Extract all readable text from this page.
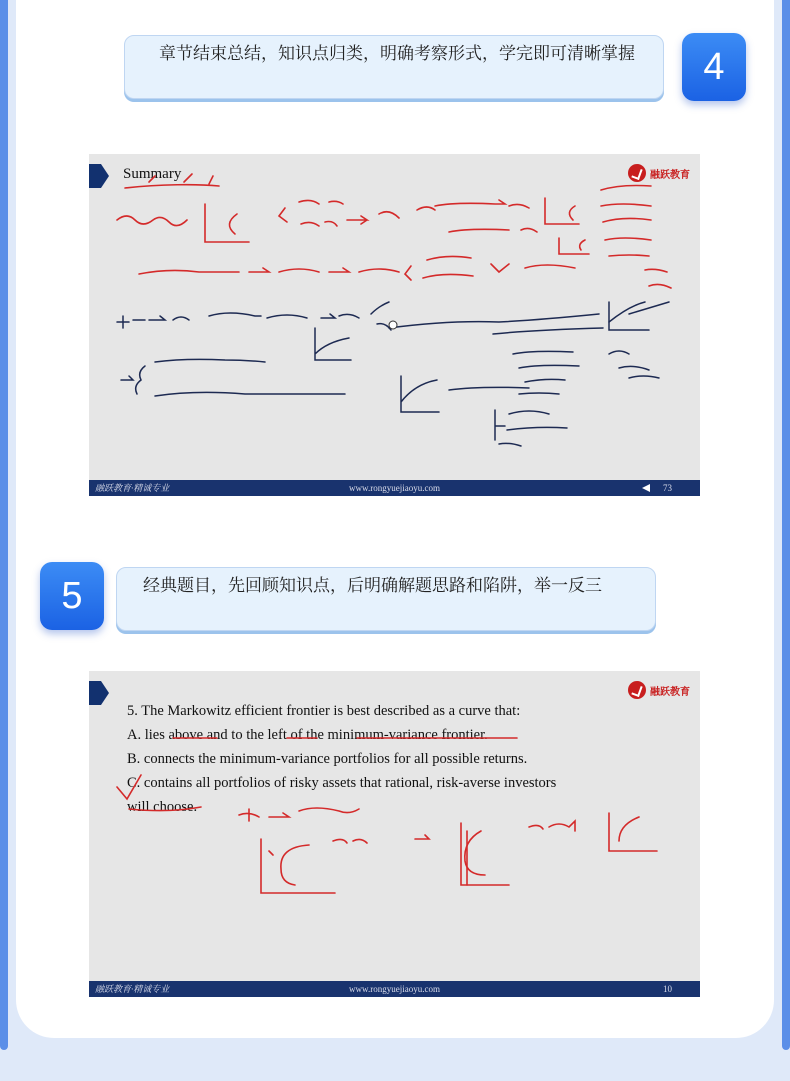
章节结束总结，知识点归类，明确考察形式，学完即可清晰掌握	4
Summary	融跃教育
融跃教育·精诚专业	www.rongyuejiaoyu.com	73
5	经典题目，先回顾知识点，后明确解题思路和陷阱，举一反三
融跃教育
5. The Markowitz efficient frontier is best described as a curve that:
A. lies above and to the left of the minimum-variance frontier.
B. connects the minimum-variance portfolios for all possible returns.
C. contains all portfolios of risky assets that rational, risk-averse investors
will choose.
融跃教育·精诚专业	www.rongyuejiaoyu.com	10
